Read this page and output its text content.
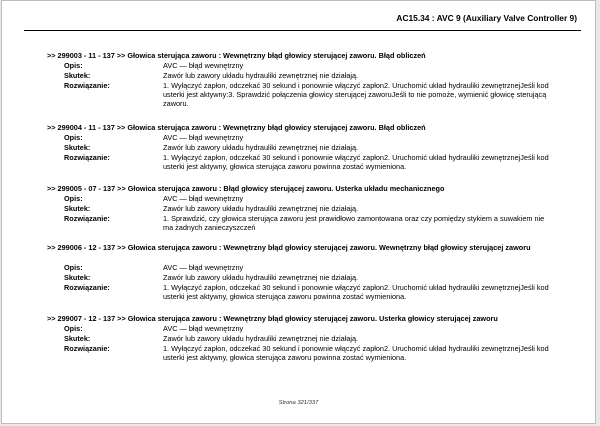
AC15.34 : AVC 9 (Auxiliary Valve Controller 9)
>> 299003 - 11 - 137 >> Głowica sterująca zaworu : Wewnętrzny błąd głowicy sterującej zaworu. Błąd obliczeń
Opis:	AVC — błąd wewnętrzny
Skutek:	Zawór lub zawory układu hydrauliki zewnętrznej nie działają.
Rozwiązanie:	1. Wyłączyć zapłon, odczekać 30 sekund i ponownie włączyć zapłon2. Uruchomić układ hydrauliki zewnętrznejJeśli kod usterki jest aktywny:3. Sprawdzić połączenia głowicy sterującej zaworuJeśli to nie pomoże, wymienić głowicę sterującą zaworu.
>> 299004 - 11 - 137 >> Głowica sterująca zaworu : Wewnętrzny błąd głowicy sterującej zaworu. Błąd obliczeń
Opis:	AVC — błąd wewnętrzny
Skutek:	Zawór lub zawory układu hydrauliki zewnętrznej nie działają.
Rozwiązanie:	1. Wyłączyć zapłon, odczekać 30 sekund i ponownie włączyć zapłon2. Uruchomić układ hydrauliki zewnętrznejJeśli kod usterki jest aktywny, głowica sterująca zaworu powinna zostać wymieniona.
>> 299005 - 07 - 137 >> Głowica sterująca zaworu : Błąd głowicy sterującej zaworu. Usterka układu mechanicznego
Opis:	AVC — błąd wewnętrzny
Skutek:	Zawór lub zawory układu hydrauliki zewnętrznej nie działają.
Rozwiązanie:	1. Sprawdzić, czy głowica sterująca zaworu jest prawidłowo zamontowana oraz czy pomiędzy stykiem a suwakiem nie ma żadnych zanieczyszczeń
>> 299006 - 12 - 137 >> Głowica sterująca zaworu : Wewnętrzny błąd głowicy sterującej zaworu. Wewnętrzny błąd głowicy sterującej zaworu
Opis:	AVC — błąd wewnętrzny
Skutek:	Zawór lub zawory układu hydrauliki zewnętrznej nie działają.
Rozwiązanie:	1. Wyłączyć zapłon, odczekać 30 sekund i ponownie włączyć zapłon2. Uruchomić układ hydrauliki zewnętrznejJeśli kod usterki jest aktywny, głowica sterująca zaworu powinna zostać wymieniona.
>> 299007 - 12 - 137 >> Głowica sterująca zaworu : Wewnętrzny błąd głowicy sterującej zaworu. Usterka głowicy sterującej zaworu
Opis:	AVC — błąd wewnętrzny
Skutek:	Zawór lub zawory układu hydrauliki zewnętrznej nie działają.
Rozwiązanie:	1. Wyłączyć zapłon, odczekać 30 sekund i ponownie włączyć zapłon2. Uruchomić układ hydrauliki zewnętrznejJeśli kod usterki jest aktywny, głowica sterująca zaworu powinna zostać wymieniona.
Strona 321/337
